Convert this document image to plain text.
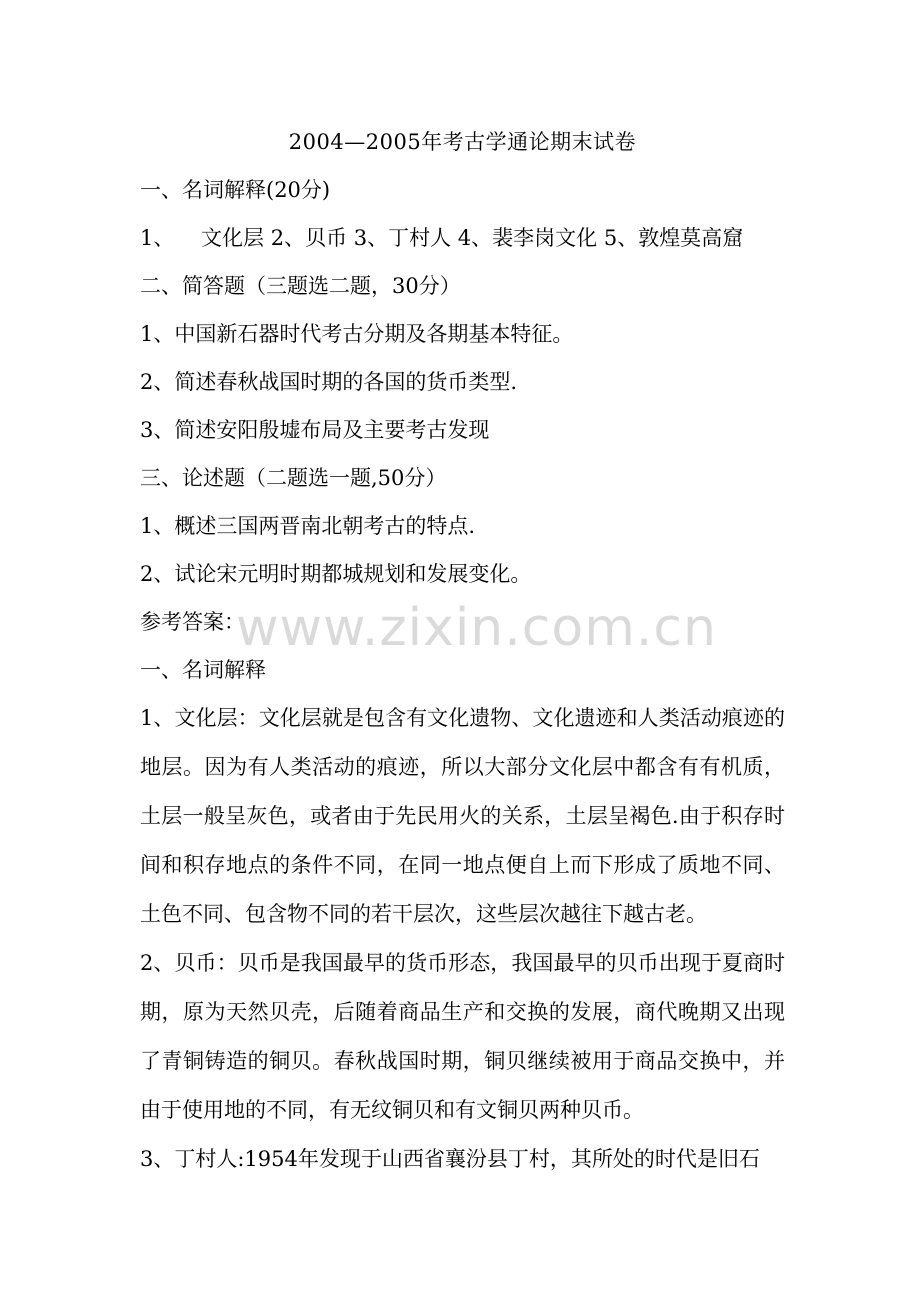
2004—2005年考古学通论期末试卷

一、名词解释(20分)

1、    文化层 2、贝币 3、丁村人 4、裴李岗文化 5、敦煌莫高窟

二、简答题（三题选二题，30分）

1、中国新石器时代考古分期及各期基本特征。

2、简述春秋战国时期的各国的货币类型.

3、简述安阳殷墟布局及主要考古发现

三、论述题（二题选一题,50分）

1、概述三国两晋南北朝考古的特点.

2、试论宋元明时期都城规划和发展变化。

参考答案：

一、名词解释

1、文化层：文化层就是包含有文化遗物、文化遗迹和人类活动痕迹的地层。因为有人类活动的痕迹，所以大部分文化层中都含有有机质，土层一般呈灰色，或者由于先民用火的关系，土层呈褐色.由于积存时间和积存地点的条件不同，在同一地点便自上而下形成了质地不同、土色不同、包含物不同的若干层次，这些层次越往下越古老。

2、贝币：贝币是我国最早的货币形态，我国最早的贝币出现于夏商时期，原为天然贝壳，后随着商品生产和交换的发展，商代晚期又出现了青铜铸造的铜贝。春秋战国时期，铜贝继续被用于商品交换中，并由于使用地的不同，有无纹铜贝和有文铜贝两种贝币。

3、丁村人:1954年发现于山西省襄汾县丁村，其所处的时代是旧石

www.zixin.com.cn
